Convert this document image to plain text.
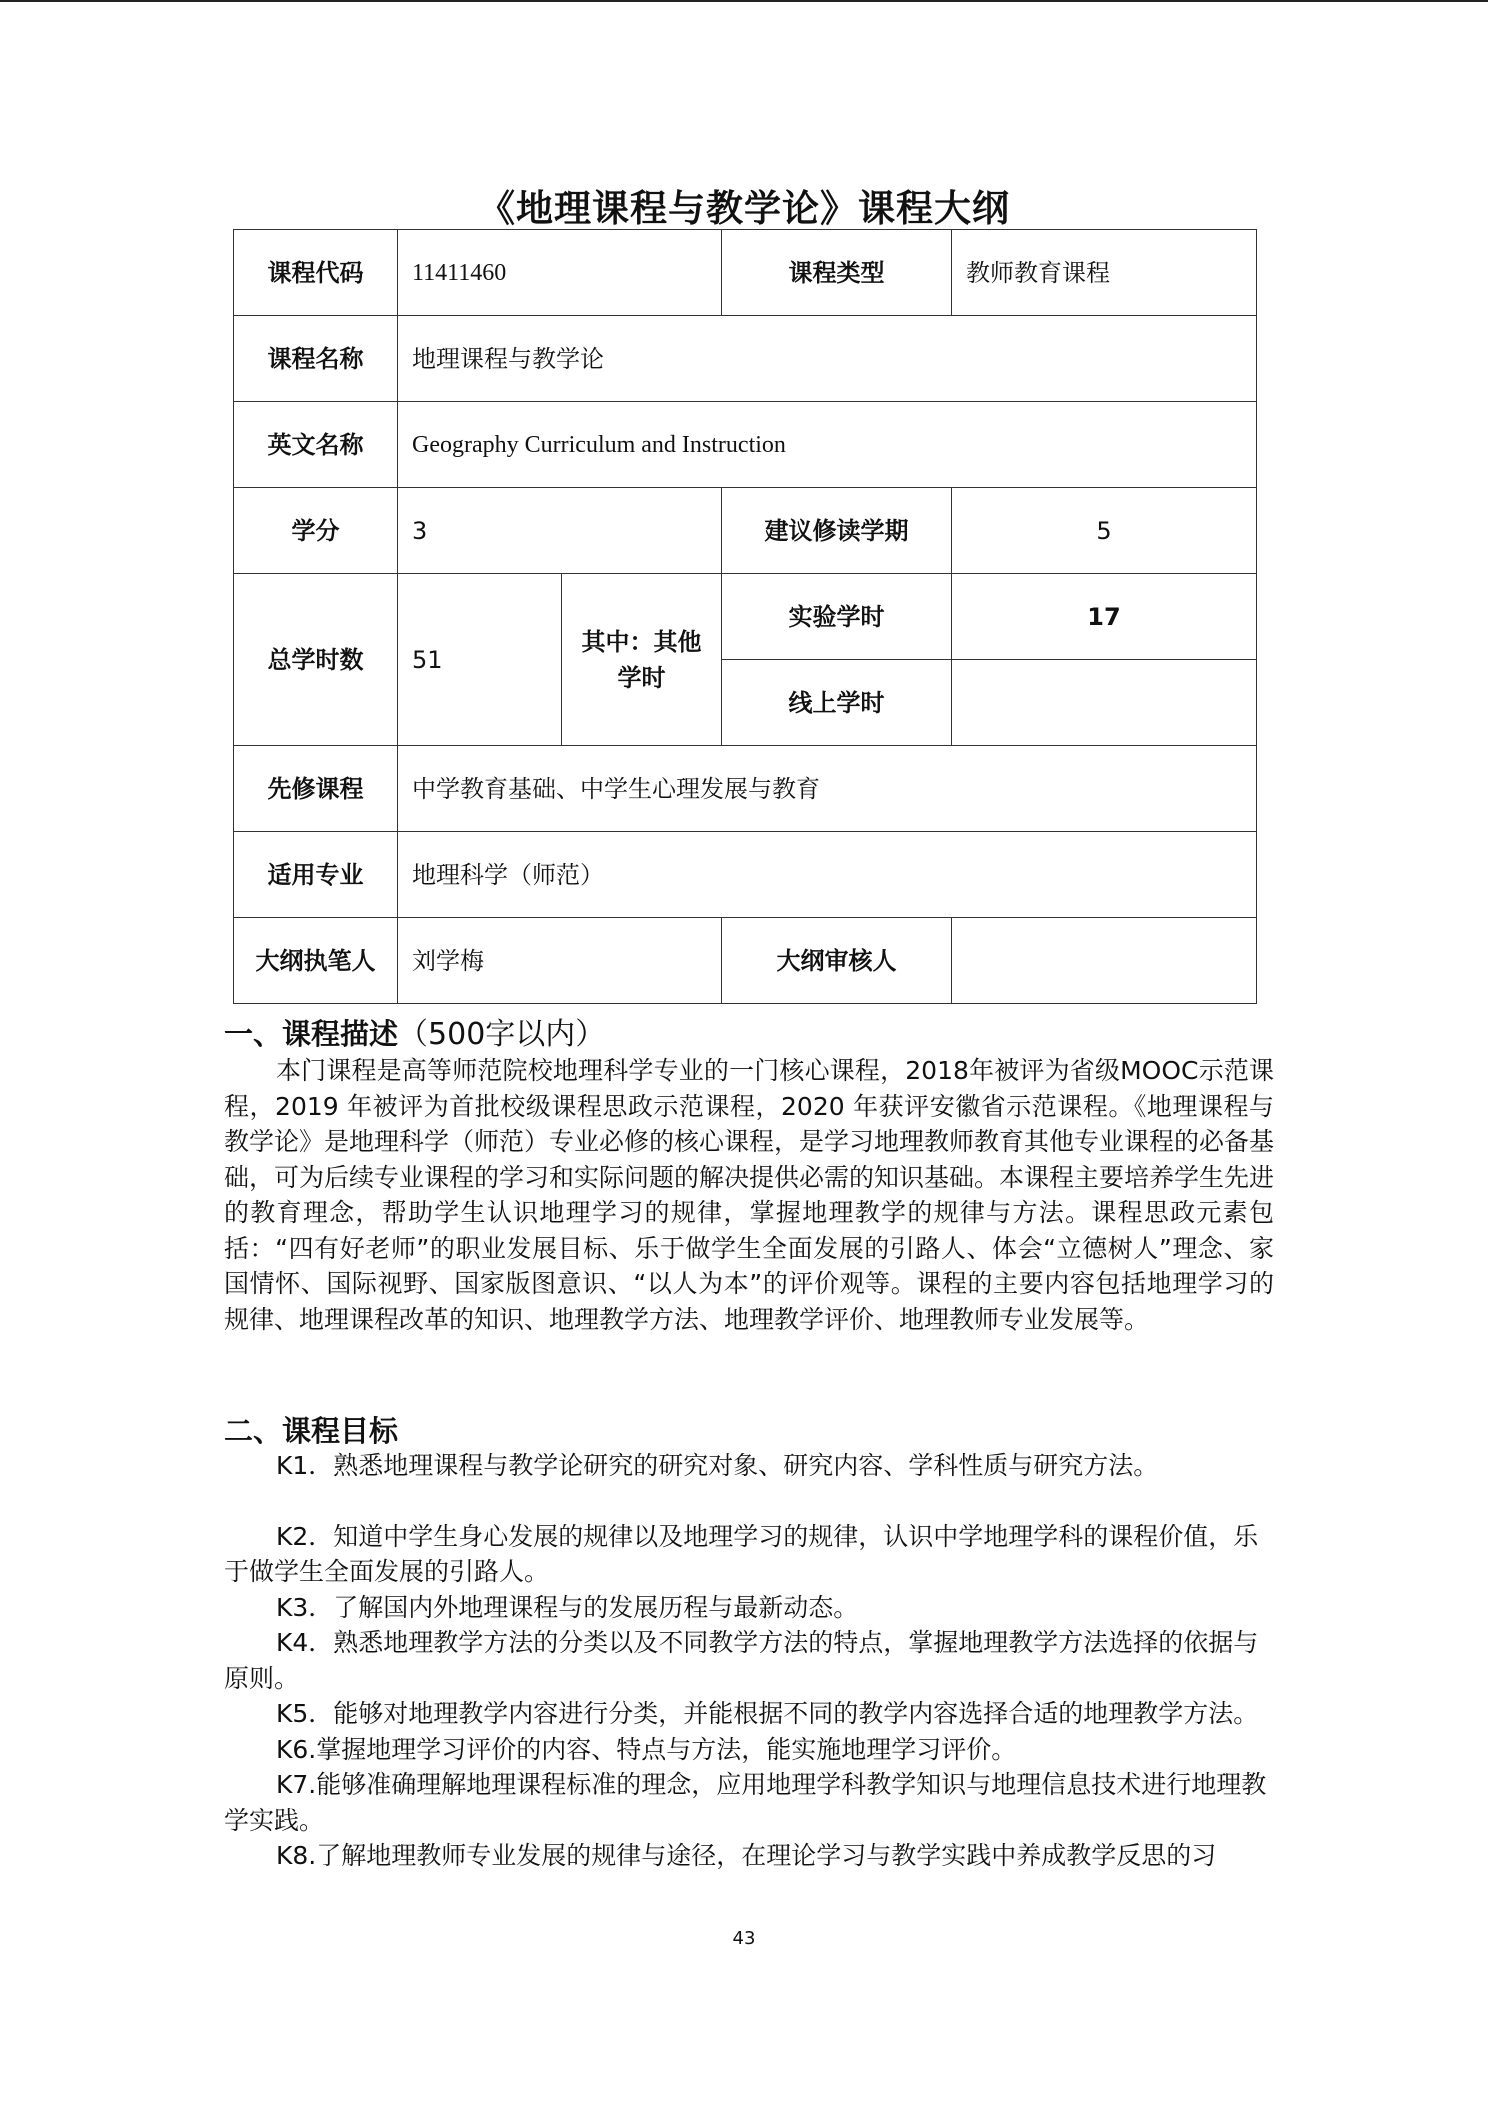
《地理课程与教学论》课程大纲
课程代码	11411460		课程类型	教师教育课程
课程名称	地理课程与教学论			
英文名称	Geography Curriculum and Instruction			
学分	3		建议修读学期	5
总学时数	51	其中：其他学时	实验学时	17
			线上学时	
先修课程	中学教育基础、中学生心理发展与教育			
适用专业	地理科学（师范）			
大纲执笔人	刘学梅		大纲审核人	
一、课程描述（500字以内）

本门课程是高等师范院校地理科学专业的一门核心课程，2018年被评为省级MOOC示范课程，2019 年被评为首批校级课程思政示范课程，2020 年获评安徽省示范课程。《地理课程与教学论》是地理科学（师范）专业必修的核心课程，是学习地理教师教育其他专业课程的必备基础，可为后续专业课程的学习和实际问题的解决提供必需的知识基础。本课程主要培养学生先进的教育理念，帮助学生认识地理学习的规律，掌握地理教学的规律与方法。课程思政元素包括：“四有好老师”的职业发展目标、乐于做学生全面发展的引路人、体会“立德树人”理念、家国情怀、国际视野、国家版图意识、“以人为本”的评价观等。课程的主要内容包括地理学习的规律、地理课程改革的知识、地理教学方法、地理教学评价、地理教师专业发展等。

二、课程目标

K1．熟悉地理课程与教学论研究的研究对象、研究内容、学科性质与研究方法。

K2．知道中学生身心发展的规律以及地理学习的规律，认识中学地理学科的课程价值，乐于做学生全面发展的引路人。

K3．了解国内外地理课程与的发展历程与最新动态。

K4．熟悉地理教学方法的分类以及不同教学方法的特点，掌握地理教学方法选择的依据与原则。

K5．能够对地理教学内容进行分类，并能根据不同的教学内容选择合适的地理教学方法。

K6.掌握地理学习评价的内容、特点与方法，能实施地理学习评价。

K7.能够准确理解地理课程标准的理念，应用地理学科教学知识与地理信息技术进行地理教学实践。

K8.了解地理教师专业发展的规律与途径，在理论学习与教学实践中养成教学反思的习

43
